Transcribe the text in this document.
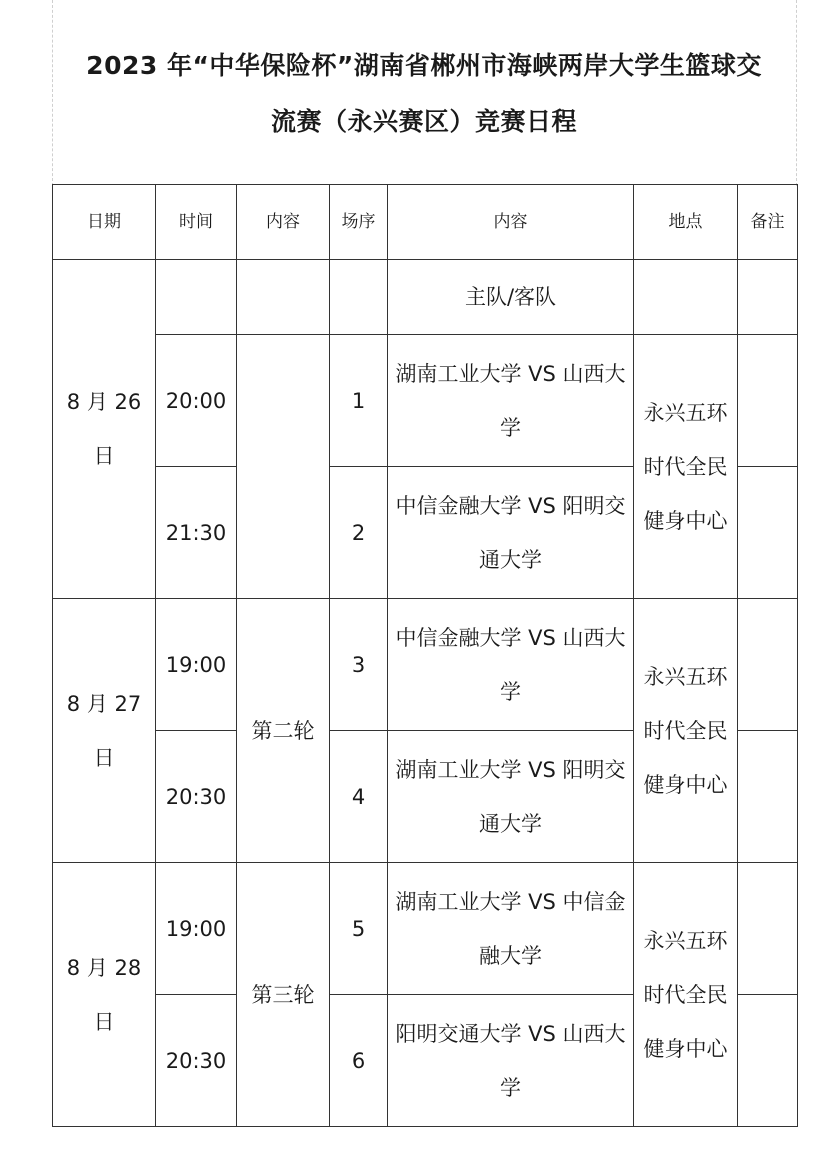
2023 年“中华保险杯”湖南省郴州市海峡两岸大学生篮球交
流赛（永兴赛区）竞赛日程
日期	时间	内容	场序	内容	地点	备注
8 月 26 日				主队/客队		
	20:00		1	湖南工业大学 VS 山西大学	永兴五环时代全民健身中心	
	21:30		2	中信金融大学 VS 阳明交通大学		
8 月 27 日	19:00	第二轮	3	中信金融大学 VS 山西大学	永兴五环时代全民健身中心	
	20:30		4	湖南工业大学 VS 阳明交通大学		
8 月 28 日	19:00	第三轮	5	湖南工业大学 VS 中信金融大学	永兴五环时代全民健身中心	
	20:30		6	阳明交通大学 VS 山西大学		
